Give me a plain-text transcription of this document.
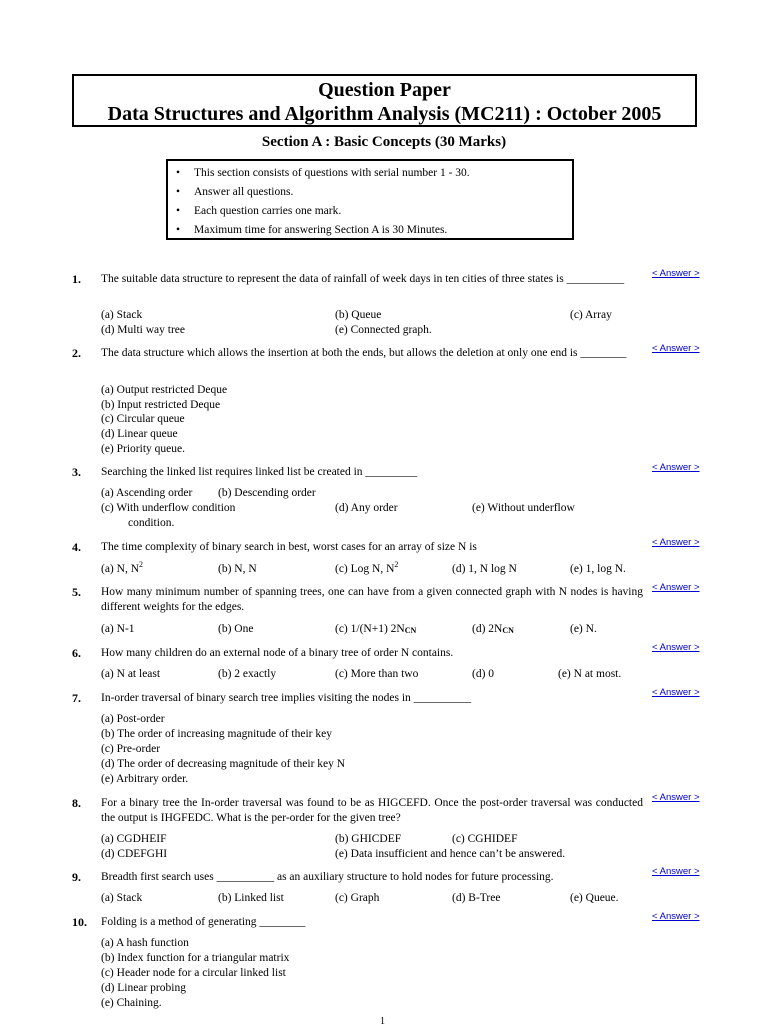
Question Paper
Data Structures and Algorithm Analysis (MC211) : October 2005
Section A : Basic Concepts (30 Marks)
• This section consists of questions with serial number 1 - 30.
• Answer all questions.
• Each question carries one mark.
• Maximum time for answering Section A is 30 Minutes.
1. The suitable data structure to represent the data of rainfall of week days in ten cities of three states is __________	< Answer >
(a) Stack	(b) Queue	(c) Array
(d) Multi way tree	(e) Connected graph.
2. The data structure which allows the insertion at both the ends, but allows the deletion at only one end is ________	< Answer >
(a) Output restricted Deque
(b) Input restricted Deque
(c) Circular queue
(d) Linear queue
(e) Priority queue.
3. Searching the linked list requires linked list be created in _________	< Answer >
(a) Ascending order (b) Descending order
(c) With underflow condition	(d) Any order	(e) Without underflow
condition.
4. The time complexity of binary search in best, worst cases for an array of size N is	< Answer >
(a) N, $N^2$	(b) N, N	(c) Log N, $N^2$	(d) 1, N log N	(e) 1, log N.
5. How many minimum number of spanning trees, one can have from a given connected graph with N nodes is having different weights for the edges.
< Answer >
(a) N-1	(b) One	(c) 1/(N+1) $2N_{CN}$	(d) $2N_{CN}$	(e) N.
6. How many children do an external node of a binary tree of order N contains.	< Answer >
(a) N at least	(b) 2 exactly	(c) More than two	(d) 0	(e) N at most.
7. In-order traversal of binary search tree implies visiting the nodes in __________	< Answer >
(a) Post-order
(b) The order of increasing magnitude of their key
(c) Pre-order
(d) The order of decreasing magnitude of their key N
(e) Arbitrary order.
8. For a binary tree the In-order traversal was found to be as HIGCEFD. Once the post-order traversal was conducted the output is IHGFEDC. What is the per-order for the given tree?
< Answer >
(a) CGDHEIF	(b) GHICDEF	(c) CGHIDEF
(d) CDEFGHI	(e) Data insufficient and hence can’t be answered.
9. Breadth first search uses __________ as an auxiliary structure to hold nodes for future processing.	< Answer >
(a) Stack	(b) Linked list	(c) Graph	(d) B-Tree	(e) Queue.
10. Folding is a method of generating ________	< Answer >
(a) A hash function
(b) Index function for a triangular matrix
(c) Header node for a circular linked list
(d) Linear probing
(e) Chaining.
1
